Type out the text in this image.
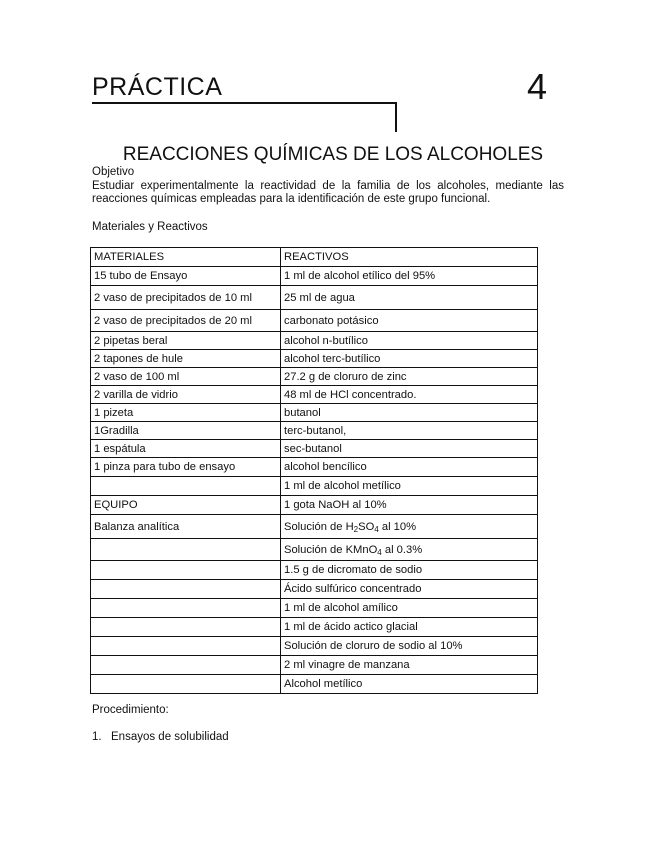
PRÁCTICA	4
REACCIONES QUÍMICAS DE LOS ALCOHOLES
Objetivo
Estudiar experimentalmente la reactividad de la familia de los alcoholes, mediante las reacciones químicas empleadas para la identificación de este grupo funcional.
Materiales y Reactivos
MATERIALES	REACTIVOS
15 tubo de Ensayo	1 ml de alcohol etílico del 95%
2 vaso de precipitados de 10 ml	25 ml de agua
2 vaso de precipitados de 20 ml	carbonato potásico
2 pipetas beral	alcohol n-butílico
2 tapones de hule	alcohol terc-butílico
2 vaso de 100 ml	27.2 g de cloruro de zinc
2 varilla de vidrio	48 ml de HCl concentrado.
1 pizeta	butanol
1Gradilla	terc-butanol,
1 espátula	sec-butanol
1 pinza para tubo de ensayo	alcohol bencílico
	1 ml de alcohol metílico
EQUIPO	1 gota NaOH al 10%
Balanza analítica	Solución de $H_2SO_4$ al 10%
	Solución de KMnO$_4$ al 0.3%
	1.5 g de dicromato de sodio
	Ácido sulfúrico concentrado
	1 ml de alcohol amílico
	1 ml de ácido actico glacial
	Solución de cloruro de sodio al 10%
	2 ml vinagre de manzana
	Alcohol metílico
Procedimiento:
1. Ensayos de solubilidad
